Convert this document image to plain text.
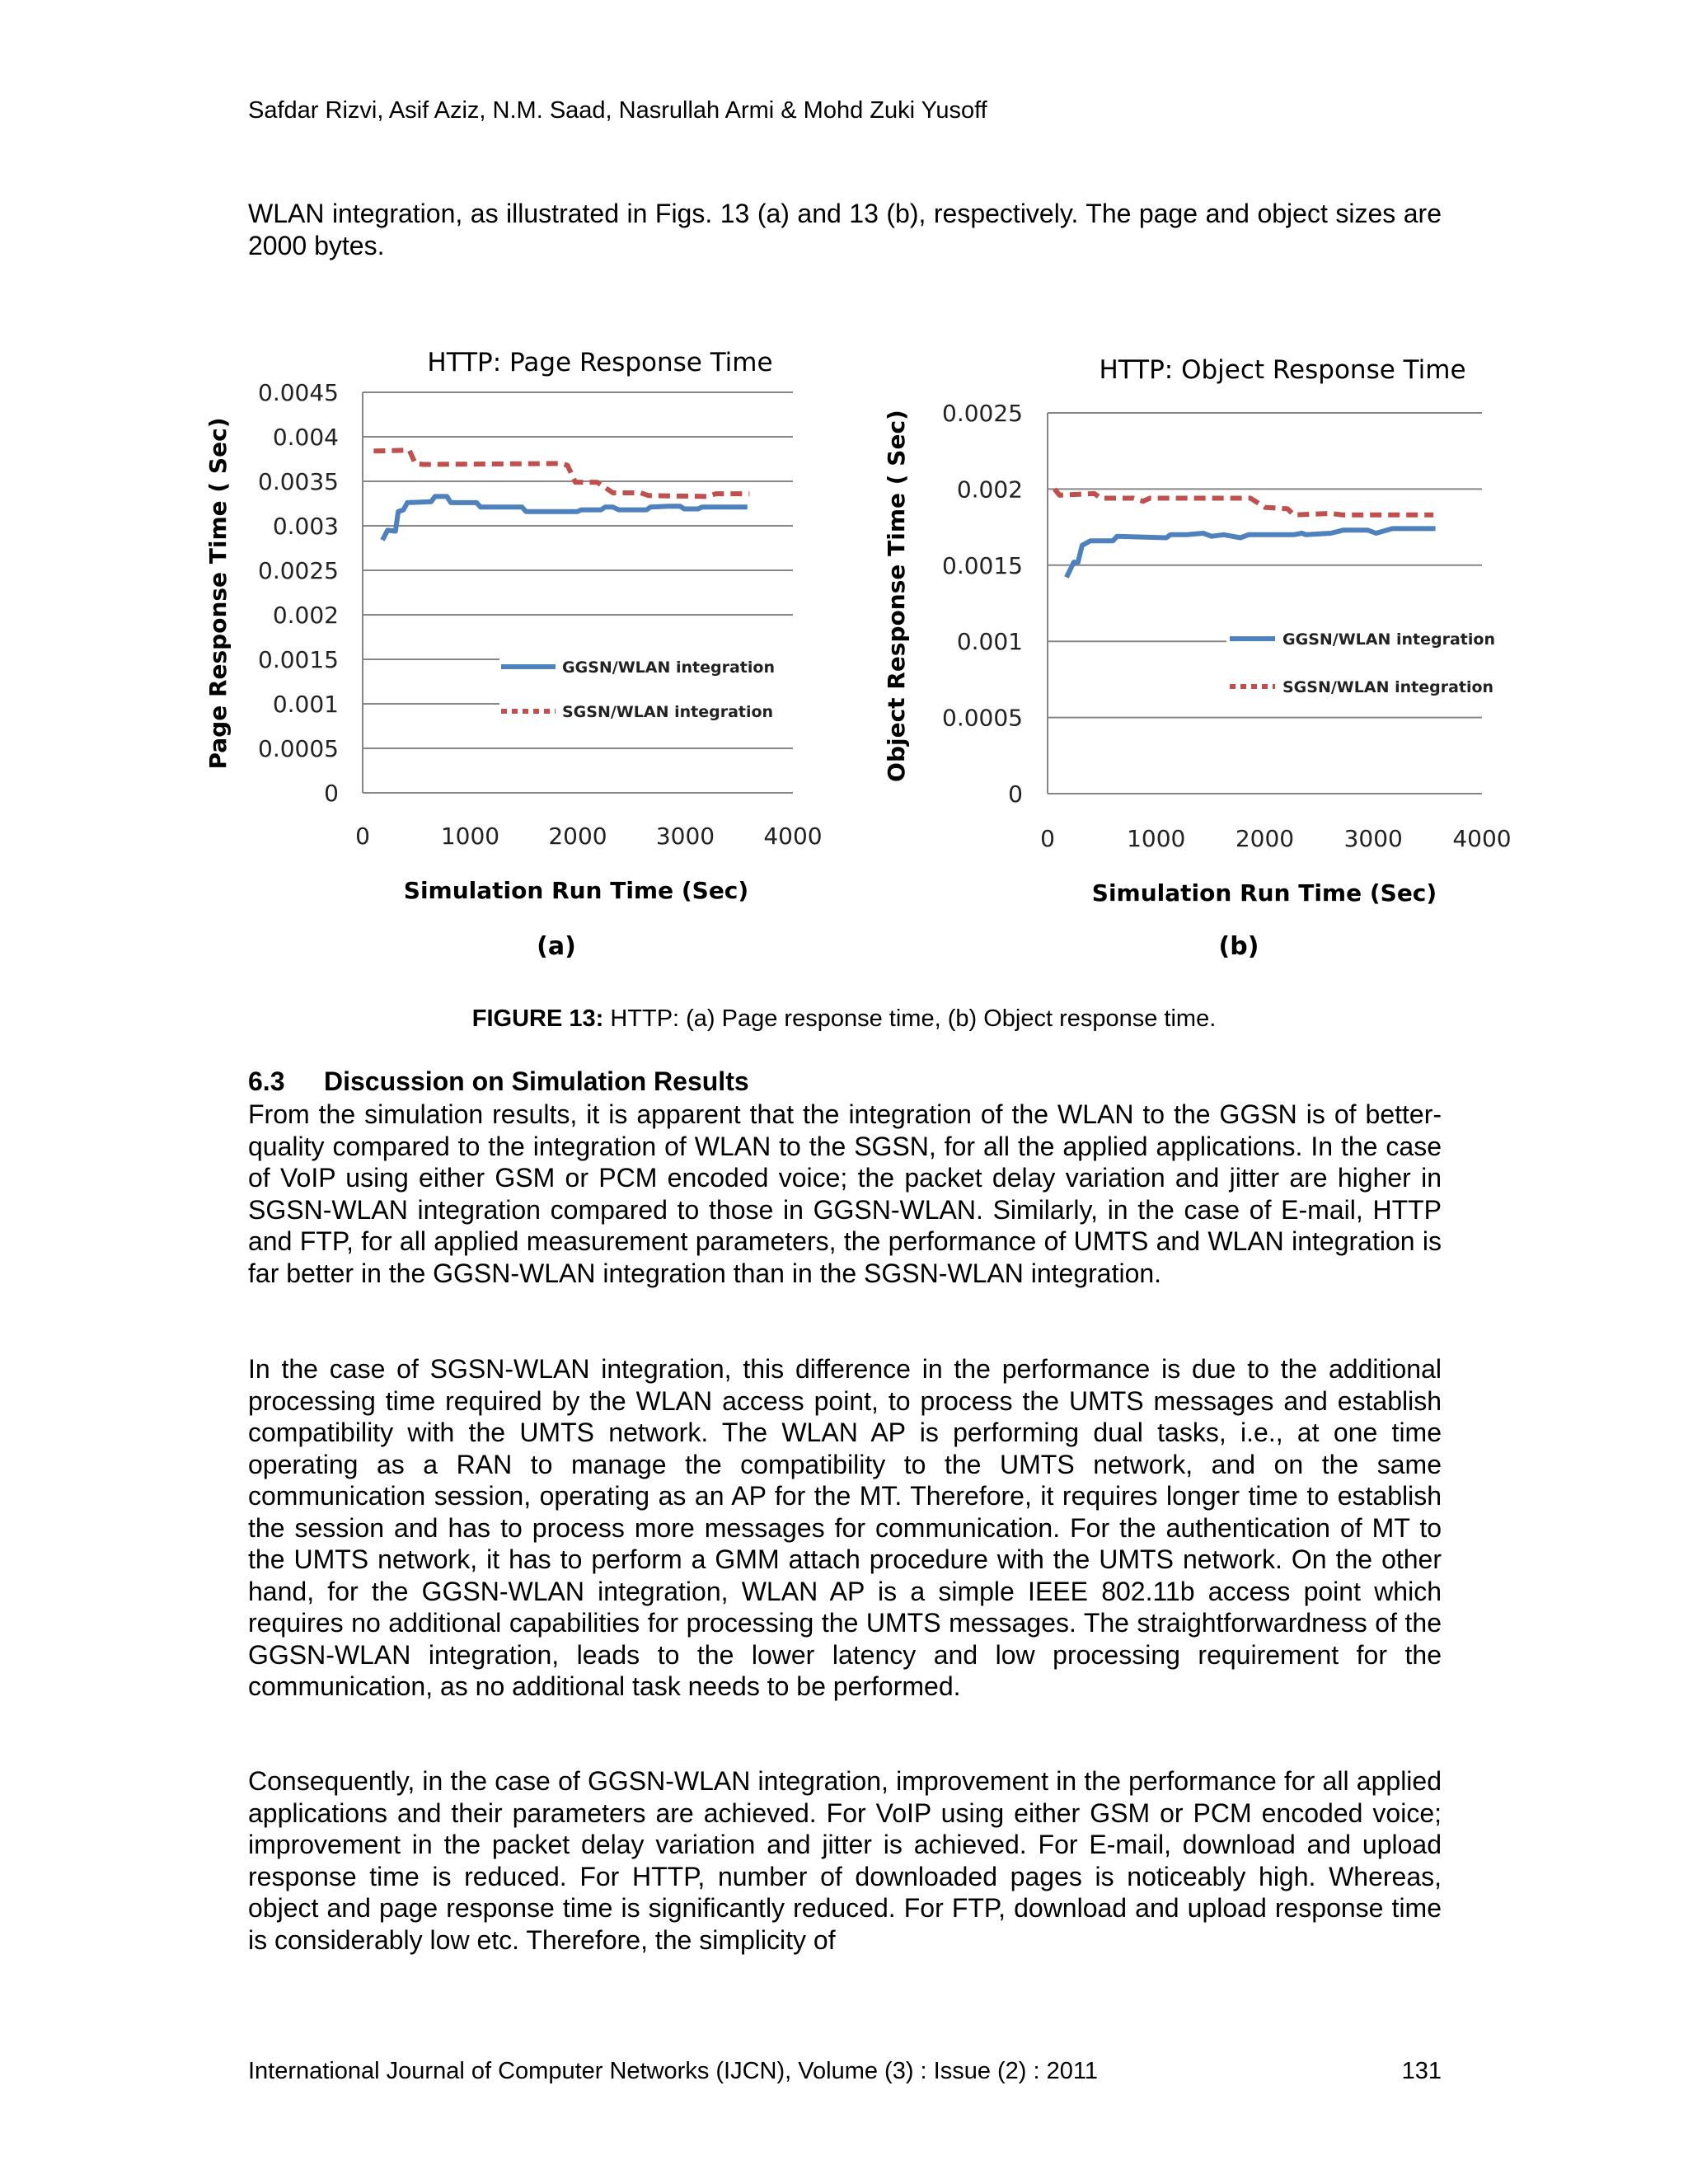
Safdar Rizvi, Asif Aziz, N.M. Saad, Nasrullah Armi & Mohd Zuki Yusoff
WLAN integration, as illustrated in Figs. 13 (a) and 13 (b), respectively. The page and object sizes are 2000 bytes.
0
0.0005
0.001
0.0015
0.002
0.0025
0.003
0.0035
0.004
0.0045
0	1000 2000 3000 4000
HTTP: Page Response Time
Page Response Time ( Sec)
Simulation Run Time (Sec)
(a)
GGSN/WLAN integration
SGSN/WLAN integration
0
0.0005
0.001
0.0015
0.002
0.0025
0	1000 2000 3000 4000
HTTP: Object Response Time
Object Response Time ( Sec)
Simulation Run Time (Sec)
(b)
GGSN/WLAN integration
SGSN/WLAN integration
FIGURE 13: HTTP: (a) Page response time, (b) Object response time.
6.3 Discussion on Simulation Results
From the simulation results, it is apparent that the integration of the WLAN to the GGSN is of better-quality compared to the integration of WLAN to the SGSN, for all the applied applications. In the case of VoIP using either GSM or PCM encoded voice; the packet delay variation and jitter are higher in SGSN-WLAN integration compared to those in GGSN-WLAN. Similarly, in the case of E-mail, HTTP and FTP, for all applied measurement parameters, the performance of UMTS and WLAN integration is far better in the GGSN-WLAN integration than in the SGSN-WLAN integration.
In the case of SGSN-WLAN integration, this difference in the performance is due to the additional processing time required by the WLAN access point, to process the UMTS messages and establish compatibility with the UMTS network. The WLAN AP is performing dual tasks, i.e., at one time operating as a RAN to manage the compatibility to the UMTS network, and on the same communication session, operating as an AP for the MT. Therefore, it requires longer time to establish the session and has to process more messages for communication. For the authentication of MT to the UMTS network, it has to perform a GMM attach procedure with the UMTS network. On the other hand, for the GGSN-WLAN integration, WLAN AP is a simple IEEE 802.11b access point which requires no additional capabilities for processing the UMTS messages. The straightforwardness of the GGSN-WLAN integration, leads to the lower latency and low processing requirement for the communication, as no additional task needs to be performed.
Consequently, in the case of GGSN-WLAN integration, improvement in the performance for all applied applications and their parameters are achieved. For VoIP using either GSM or PCM encoded voice; improvement in the packet delay variation and jitter is achieved. For E-mail, download and upload response time is reduced. For HTTP, number of downloaded pages is noticeably high. Whereas, object and page response time is significantly reduced. For FTP, download and upload response time is considerably low etc. Therefore, the simplicity of
International Journal of Computer Networks (IJCN), Volume (3) : Issue (2) : 2011	131
